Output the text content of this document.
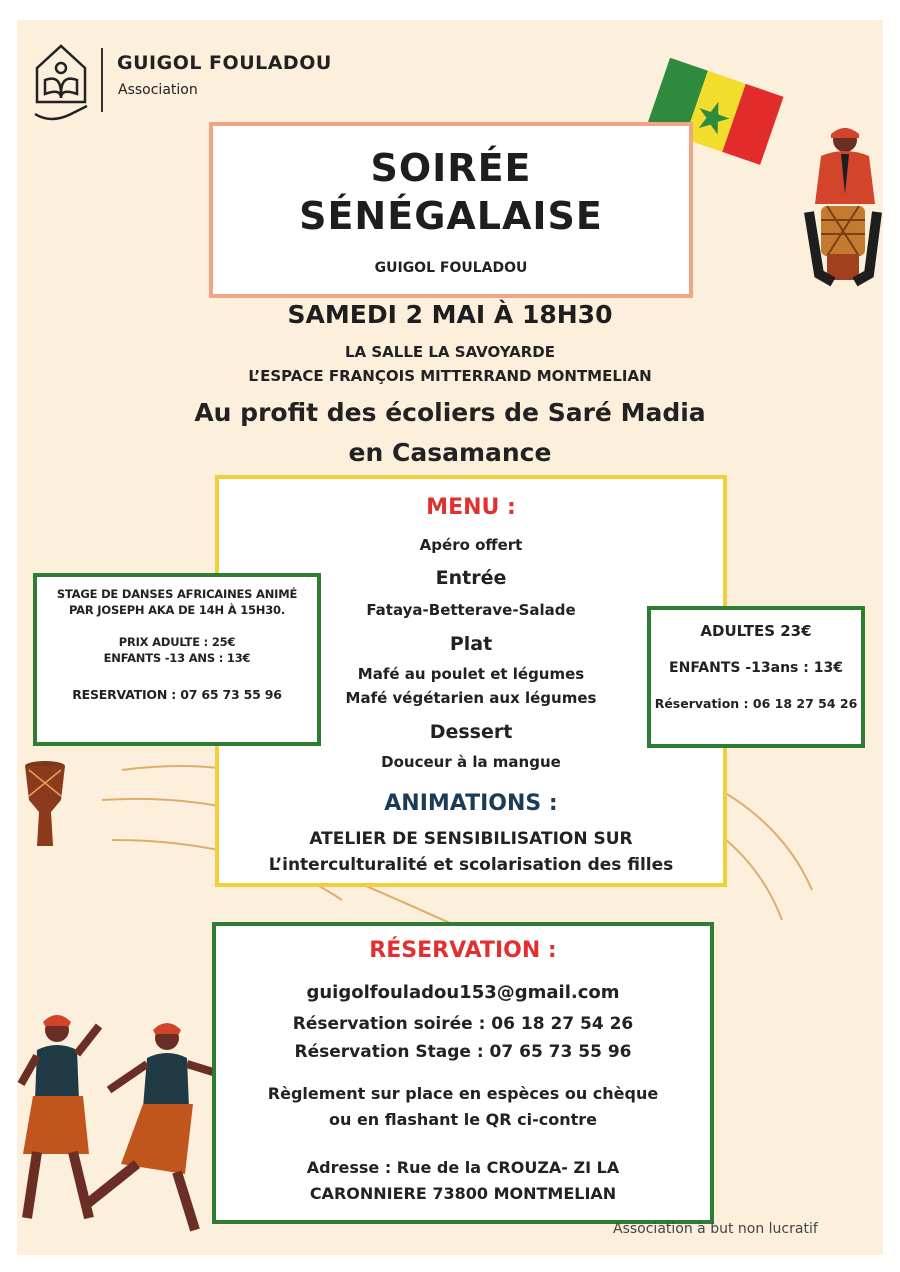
GUIGOL FOULADOU
Association
SOIRÉE
SÉNÉGALAISE
GUIGOL FOULADOU
SAMEDI 2 MAI À 18H30
LA SALLE LA SAVOYARDE
L’ESPACE FRANÇOIS MITTERRAND MONTMELIAN
Au profit des écoliers de Saré Madia
en Casamance
MENU :
Apéro offert
Entrée
Fataya-Betterave-Salade
Plat
Mafé au poulet et légumes
Mafé végétarien aux légumes
Dessert
Douceur à la mangue
ANIMATIONS :
ATELIER DE SENSIBILISATION SUR
L’interculturalité et scolarisation des filles
STAGE DE DANSES AFRICAINES ANIMÉ
PAR JOSEPH AKA DE 14H À 15H30.
PRIX ADULTE : 25€
ENFANTS -13 ANS : 13€
RESERVATION : 07 65 73 55 96
ADULTES 23€
ENFANTS -13ans : 13€
Réservation : 06 18 27 54 26
RÉSERVATION :
guigolfouladou153@gmail.com
Réservation soirée : 06 18 27 54 26
Réservation Stage : 07 65 73 55 96
Règlement sur place en espèces ou chèque
ou en flashant le QR ci-contre
Adresse : Rue de la CROUZA- ZI LA
CARONNIERE 73800 MONTMELIAN
Association à but non lucratif
